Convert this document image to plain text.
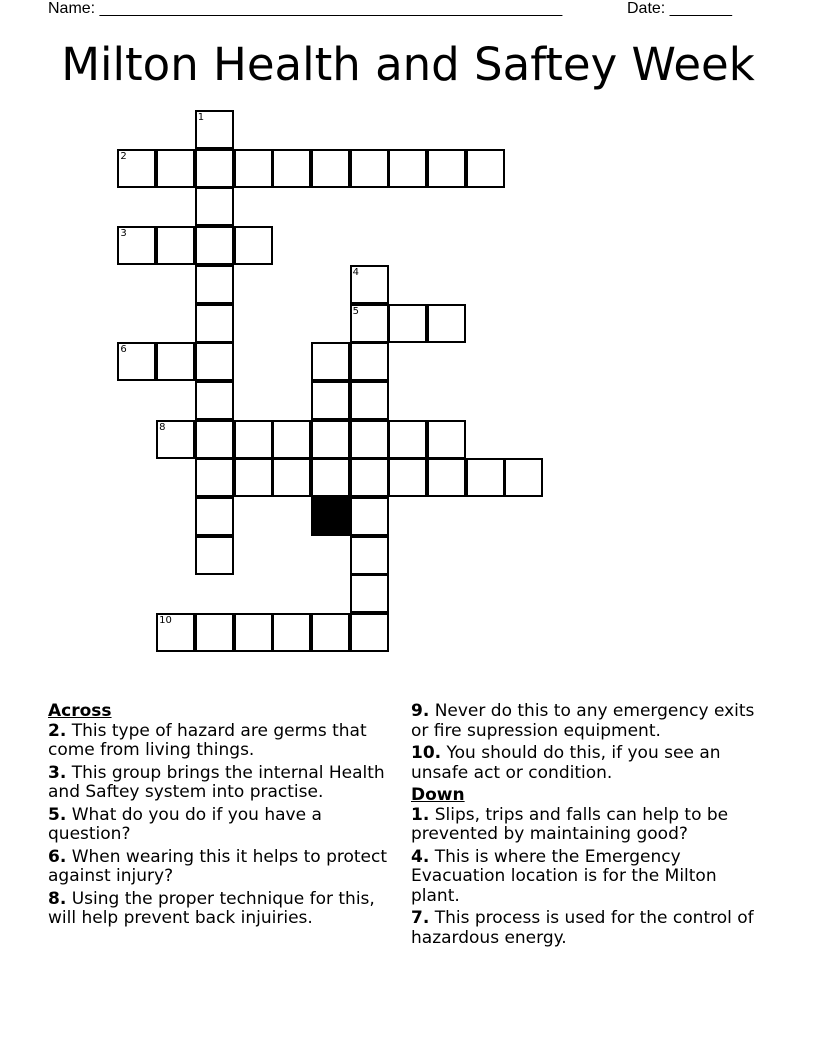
Name: ____________________________________________________	Date: _______
Milton Health and Saftey Week
1
2
3
4
5
6
8
10
Across
2. This type of hazard are germs that come from living things.
3. This group brings the internal Health and Saftey system into practise.
5. What do you do if you have a question?
6. When wearing this it helps to protect against injury?
8. Using the proper technique for this, will help prevent back injuiries.
9. Never do this to any emergency exits or fire supression equipment.
10. You should do this, if you see an unsafe act or condition.
Down
1. Slips, trips and falls can help to be prevented by maintaining good?
4. This is where the Emergency Evacuation location is for the Milton plant.
7. This process is used for the control of hazardous energy.
